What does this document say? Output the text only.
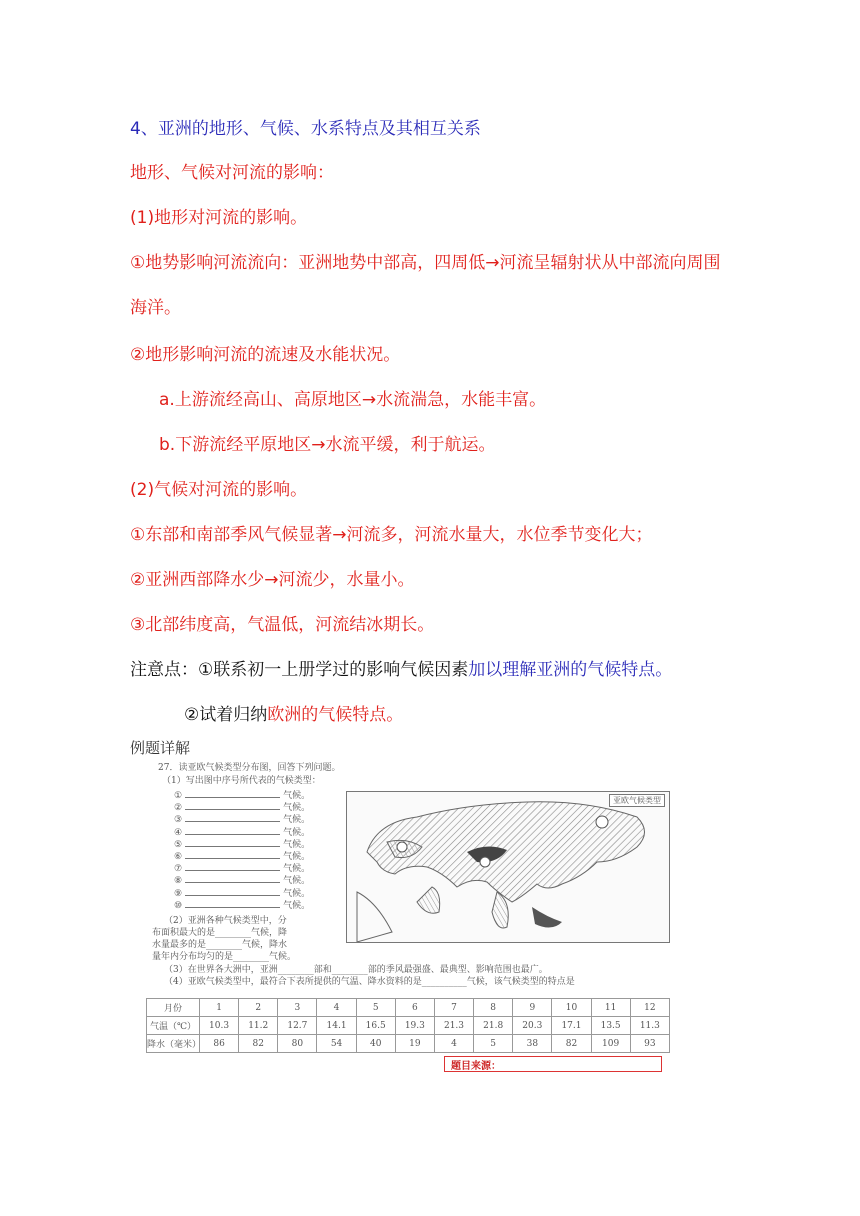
4、亚洲的地形、气候、水系特点及其相互关系
地形、气候对河流的影响：
(1)地形对河流的影响。
①地势影响河流流向：亚洲地势中部高，四周低→河流呈辐射状从中部流向周围
海洋。
②地形影响河流的流速及水能状况。
a.上游流经高山、高原地区→水流湍急，水能丰富。
b.下游流经平原地区→水流平缓，利于航运。
(2)气候对河流的影响。
①东部和南部季风气候显著→河流多，河流水量大，水位季节变化大；
②亚洲西部降水少→河流少，水量小。
③北部纬度高，气温低，河流结冰期长。
注意点：①联系初一上册学过的影响气候因素加以理解亚洲的气候特点。
②试着归纳欧洲的气候特点。
例题详解
27．读亚欧气候类型分布图，回答下列问题。
（1）写出图中序号所代表的气候类型：
①	气候。
②	气候。
③	气候。
④	气候。
⑤	气候。
⑥	气候。
⑦	气候。
⑧	气候。
⑨	气候。
⑩	气候。
亚欧气候类型
（2）亚洲各种气候类型中，分
布面积最大的是________气候，降
水量最多的是________气候，降水
量年内分布均匀的是________气候。
（3）在世界各大洲中，亚洲________部和________部的季风最强盛、最典型、影响范围也最广。
（4）亚欧气候类型中，最符合下表所提供的气温、降水资料的是__________气候，该气候类型的特点是
月份	1	2	3	4	5	6	7	8	9	10	11	12
气温（℃）	10.3	11.2	12.7	14.1	16.5	19.3	21.3	21.8	20.3	17.1	13.5	11.3
降水（毫米）	86	82	80	54	40	19	4	5	38	82	109	93
题目来源：
